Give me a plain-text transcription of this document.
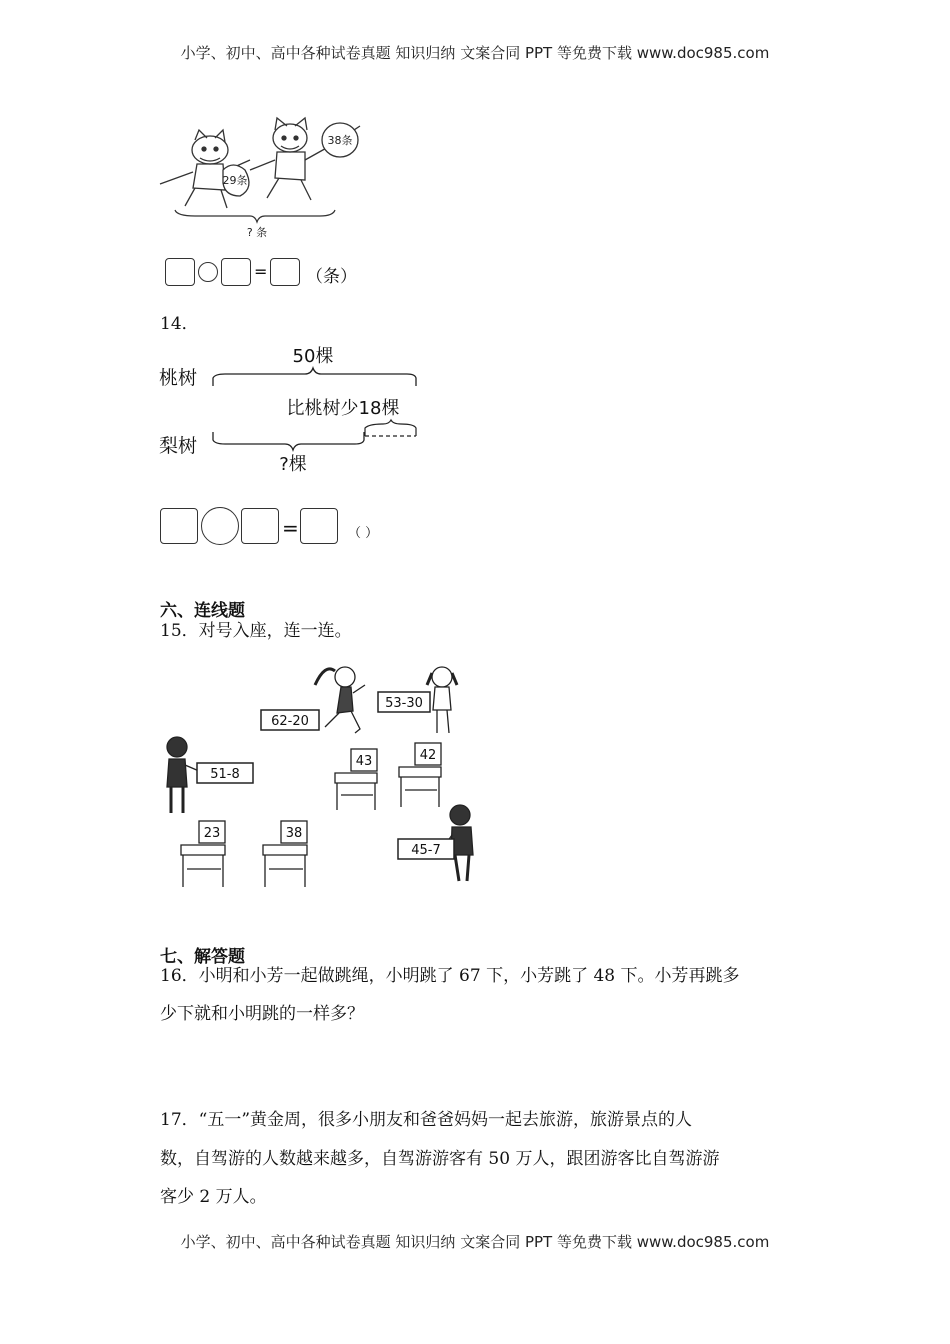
小学、初中、高中各种试卷真题 知识归纳 文案合同 PPT 等免费下载 www.doc985.com
29条
38条
? 条
= （条）
14．
桃树
50棵
比桃树少18棵
梨树
?棵
=	（ ）
六、连线题
15．对号入座，连一连。
62-20
53-30
51-8
43	42
23	38
45-7
七、解答题
16．小明和小芳一起做跳绳，小明跳了 67 下，小芳跳了 48 下。小芳再跳多
少下就和小明跳的一样多？
17．“五一”黄金周，很多小朋友和爸爸妈妈一起去旅游，旅游景点的人
数，自驾游的人数越来越多，自驾游游客有 50 万人，跟团游客比自驾游游
客少 2 万人。
小学、初中、高中各种试卷真题 知识归纳 文案合同 PPT 等免费下载 www.doc985.com
